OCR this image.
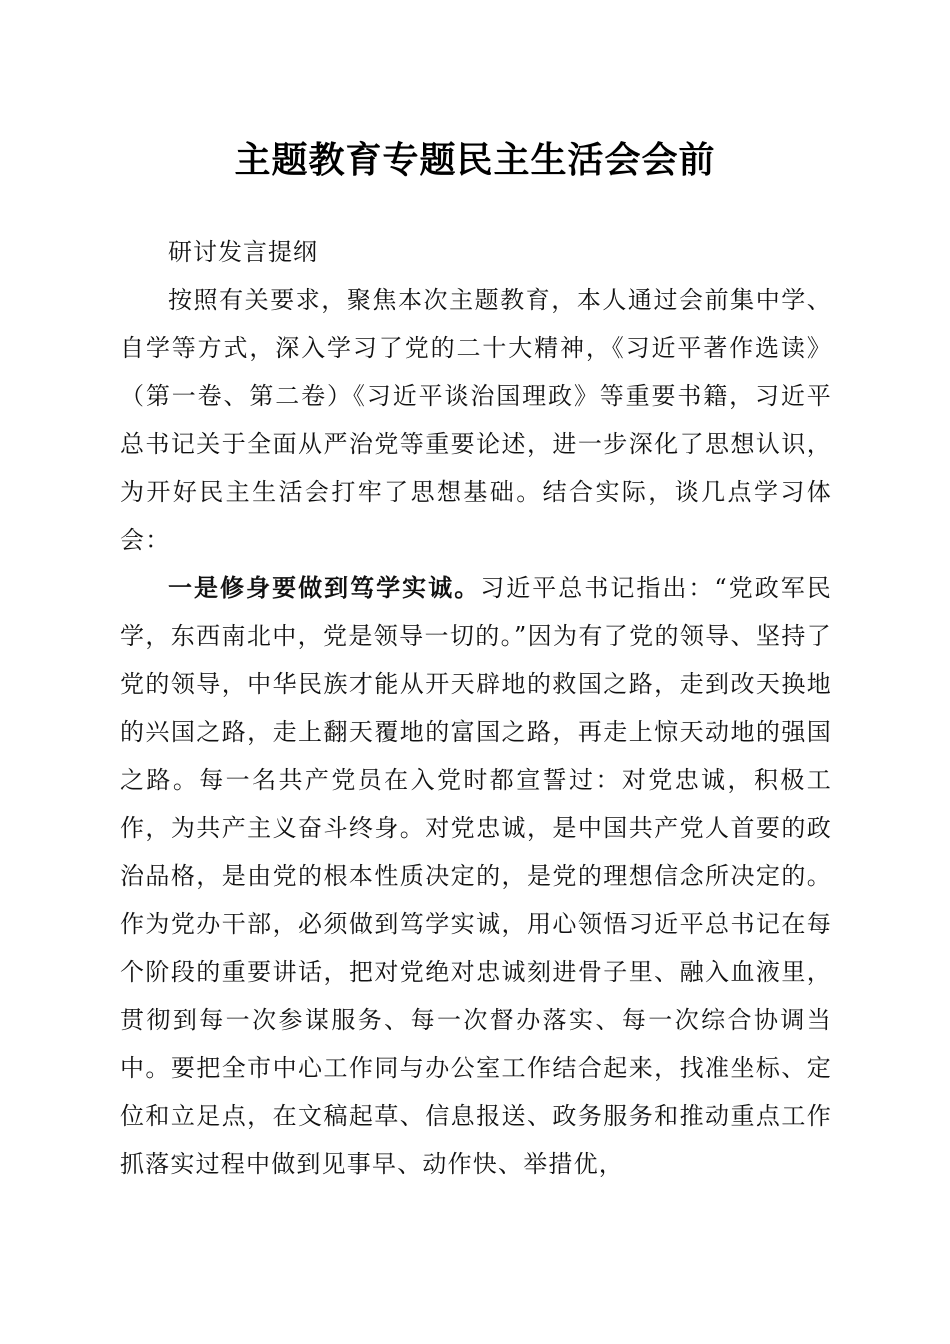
主题教育专题民主生活会会前

研讨发言提纲

按照有关要求，聚焦本次主题教育，本人通过会前集中学、自学等方式，深入学习了党的二十大精神，《习近平著作选读》（第一卷、第二卷）《习近平谈治国理政》等重要书籍，习近平总书记关于全面从严治党等重要论述，进一步深化了思想认识，为开好民主生活会打牢了思想基础。结合实际，谈几点学习体会：

一是修身要做到笃学实诚。习近平总书记指出：“党政军民学，东西南北中，党是领导一切的。”因为有了党的领导、坚持了党的领导，中华民族才能从开天辟地的救国之路，走到改天换地的兴国之路，走上翻天覆地的富国之路，再走上惊天动地的强国之路。每一名共产党员在入党时都宣誓过：对党忠诚，积极工作，为共产主义奋斗终身。对党忠诚，是中国共产党人首要的政治品格，是由党的根本性质决定的，是党的理想信念所决定的。作为党办干部，必须做到笃学实诚，用心领悟习近平总书记在每个阶段的重要讲话，把对党绝对忠诚刻进骨子里、融入血液里，贯彻到每一次参谋服务、每一次督办落实、每一次综合协调当中。要把全市中心工作同与办公室工作结合起来，找准坐标、定位和立足点，在文稿起草、信息报送、政务服务和推动重点工作抓落实过程中做到见事早、动作快、举措优，
